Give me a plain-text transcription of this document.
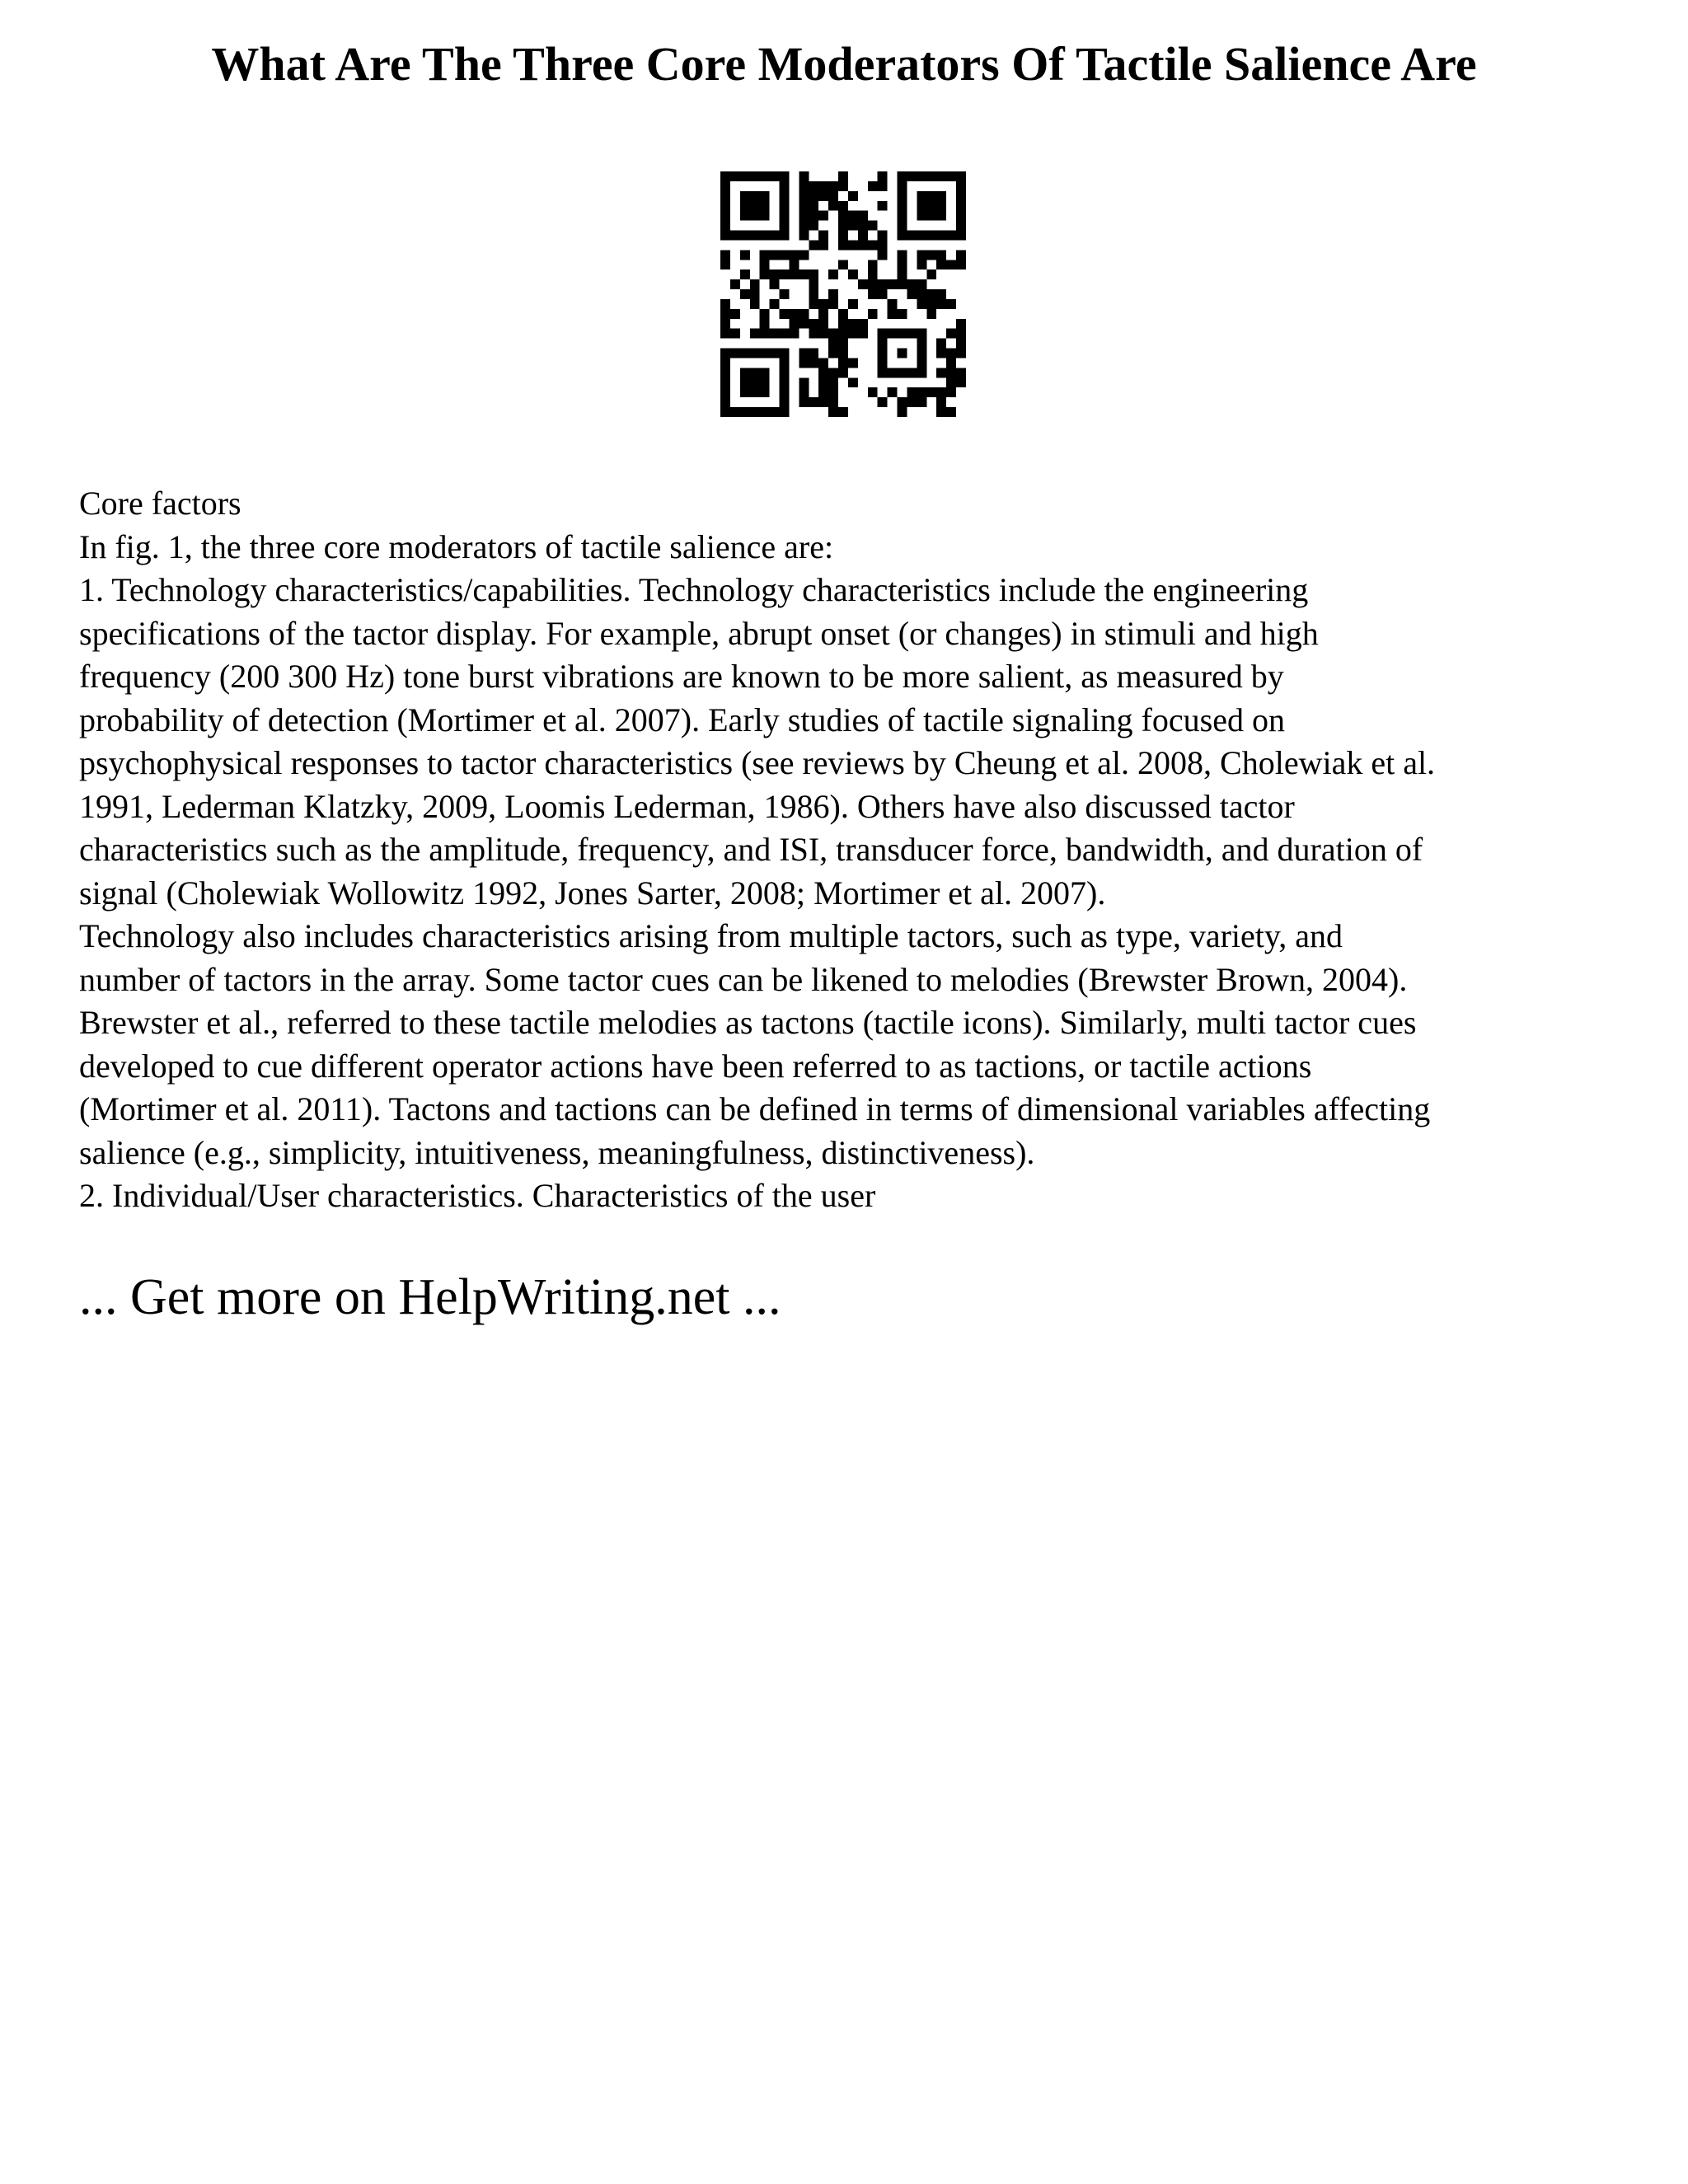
What Are The Three Core Moderators Of Tactile Salience Are
Core factors
In fig. 1, the three core moderators of tactile salience are:
1. Technology characteristics/capabilities. Technology characteristics include the engineering
specifications of the tactor display. For example, abrupt onset (or changes) in stimuli and high
frequency (200 300 Hz) tone burst vibrations are known to be more salient, as measured by
probability of detection (Mortimer et al. 2007). Early studies of tactile signaling focused on
psychophysical responses to tactor characteristics (see reviews by Cheung et al. 2008, Cholewiak et al.
1991, Lederman Klatzky, 2009, Loomis Lederman, 1986). Others have also discussed tactor
characteristics such as the amplitude, frequency, and ISI, transducer force, bandwidth, and duration of
signal (Cholewiak Wollowitz 1992, Jones Sarter, 2008; Mortimer et al. 2007).
Technology also includes characteristics arising from multiple tactors, such as type, variety, and
number of tactors in the array. Some tactor cues can be likened to melodies (Brewster Brown, 2004).
Brewster et al., referred to these tactile melodies as tactons (tactile icons). Similarly, multi tactor cues
developed to cue different operator actions have been referred to as tactions, or tactile actions
(Mortimer et al. 2011). Tactons and tactions can be defined in terms of dimensional variables affecting
salience (e.g., simplicity, intuitiveness, meaningfulness, distinctiveness).
2. Individual/User characteristics. Characteristics of the user
... Get more on HelpWriting.net ...
